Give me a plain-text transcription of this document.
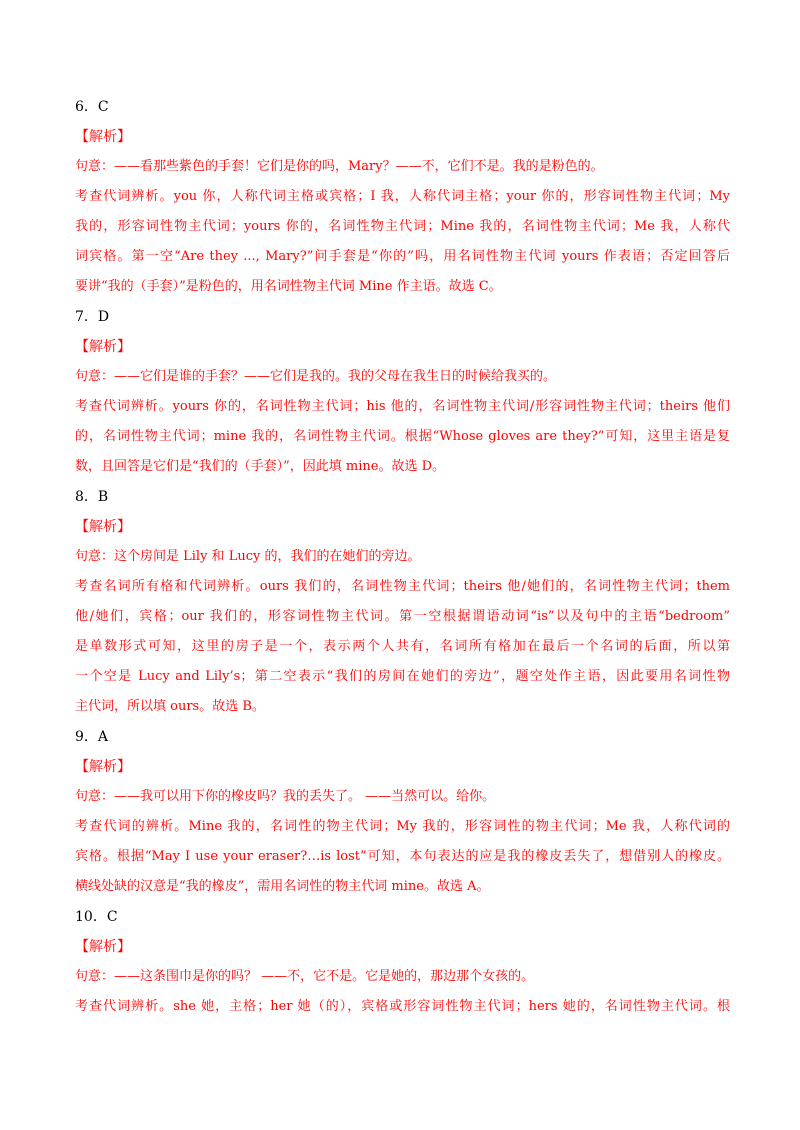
6．C
【解析】
句意：——看那些紫色的手套！它们是你的吗，Mary？——不，它们不是。我的是粉色的。
考查代词辨析。you 你，人称代词主格或宾格；I 我，人称代词主格；your 你的，形容词性物主代词；My
我的，形容词性物主代词；yours 你的，名词性物主代词；Mine 我的，名词性物主代词；Me 我，人称代
词宾格。第一空“Are they ..., Mary?”问手套是“你的”吗，用名词性物主代词 yours 作表语；否定回答后
要讲“我的（手套）”是粉色的，用名词性物主代词 Mine 作主语。故选 C。
7．D
【解析】
句意：——它们是谁的手套？——它们是我的。我的父母在我生日的时候给我买的。
考查代词辨析。yours 你的，名词性物主代词；his 他的，名词性物主代词/形容词性物主代词；theirs 他们
的，名词性物主代词；mine 我的，名词性物主代词。根据“Whose gloves are they?”可知，这里主语是复
数，且回答是它们是“我们的（手套）”，因此填 mine。故选 D。
8．B
【解析】
句意：这个房间是 Lily 和 Lucy 的，我们的在她们的旁边。
考查名词所有格和代词辨析。ours 我们的，名词性物主代词；theirs 他/她们的，名词性物主代词；them
他/她们，宾格；our 我们的，形容词性物主代词。第一空根据谓语动词“is”以及句中的主语“bedroom”
是单数形式可知，这里的房子是一个，表示两个人共有，名词所有格加在最后一个名词的后面，所以第
一个空是 Lucy and Lily’s；第二空表示“我们的房间在她们的旁边”，题空处作主语，因此要用名词性物
主代词，所以填 ours。故选 B。
9．A
【解析】
句意：——我可以用下你的橡皮吗？我的丢失了。 ——当然可以。给你。
考查代词的辨析。Mine 我的，名词性的物主代词；My 我的，形容词性的物主代词；Me 我，人称代词的
宾格。根据“May I use your eraser?…is lost”可知，本句表达的应是我的橡皮丢失了，想借别人的橡皮。
横线处缺的汉意是“我的橡皮”，需用名词性的物主代词 mine。故选 A。
10．C
【解析】
句意：——这条围巾是你的吗？ ——不，它不是。它是她的，那边那个女孩的。
考查代词辨析。she 她，主格；her 她（的），宾格或形容词性物主代词；hers 她的，名词性物主代词。根
